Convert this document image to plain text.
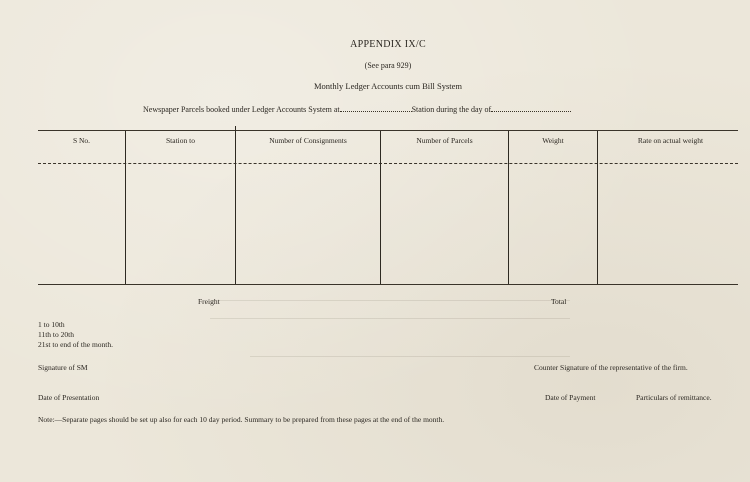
APPENDIX IX/C
(See para 929)
Monthly Ledger Accounts cum Bill System
Newspaper Parcels booked under Ledger Accounts System at	Station during the day of
S No.	Station to	Number of Consignments	Number of Parcels	Weight	Rate on actual weight
Freight	Total
1 to 10th
11th to 20th
21st to end of the month.
Signature of SM	Counter Signature of the representative of the firm.
Date of Presentation	Date of Payment	Particulars of remittance.
Note:—Separate pages should be set up also for each 10 day period. Summary to be prepared from these pages at the end of the month.
